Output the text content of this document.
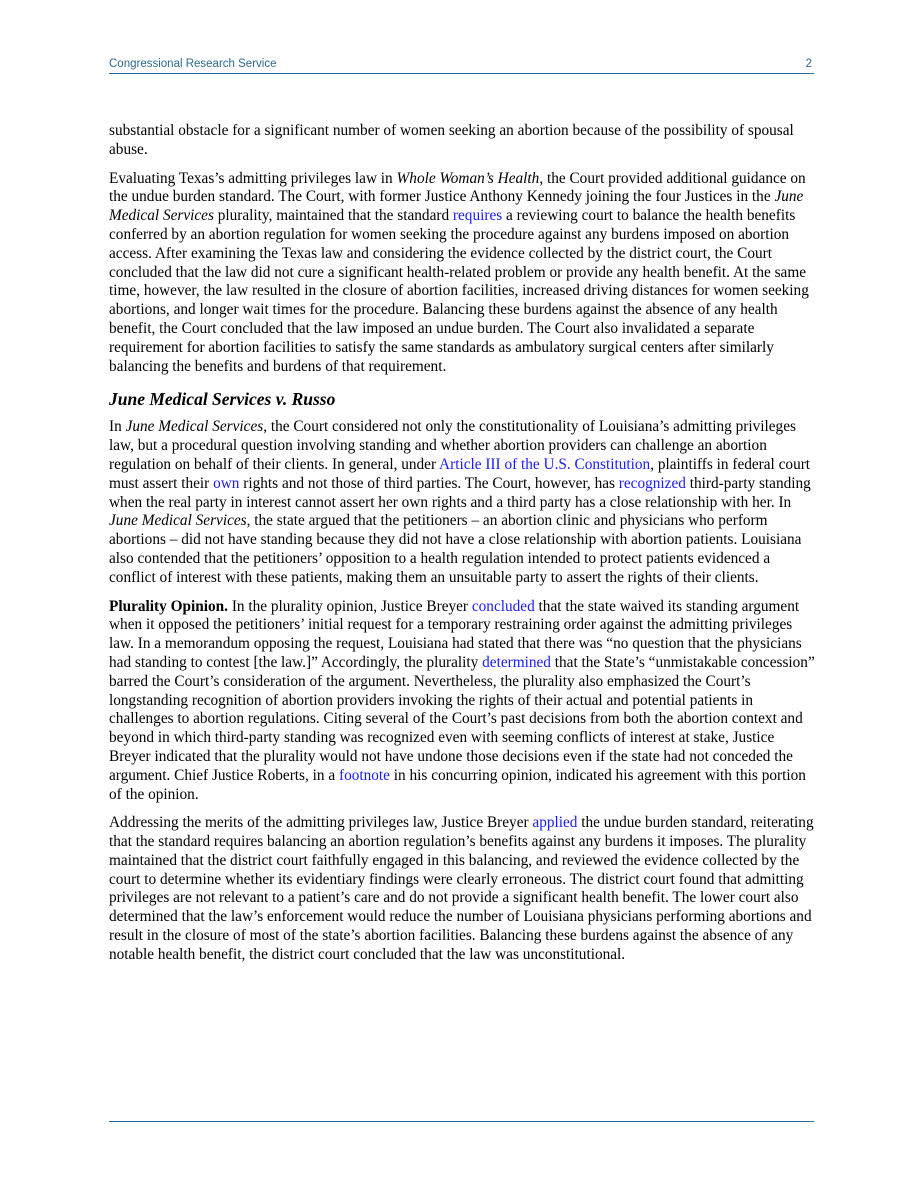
Congressional Research Service	2

substantial obstacle for a significant number of women seeking an abortion because of the possibility of spousal abuse.

Evaluating Texas’s admitting privileges law in Whole Woman’s Health, the Court provided additional guidance on the undue burden standard. The Court, with former Justice Anthony Kennedy joining the four Justices in the June Medical Services plurality, maintained that the standard requires a reviewing court to balance the health benefits conferred by an abortion regulation for women seeking the procedure against any burdens imposed on abortion access. After examining the Texas law and considering the evidence collected by the district court, the Court concluded that the law did not cure a significant health-related problem or provide any health benefit. At the same time, however, the law resulted in the closure of abortion facilities, increased driving distances for women seeking abortions, and longer wait times for the procedure. Balancing these burdens against the absence of any health benefit, the Court concluded that the law imposed an undue burden. The Court also invalidated a separate requirement for abortion facilities to satisfy the same standards as ambulatory surgical centers after similarly balancing the benefits and burdens of that requirement.

June Medical Services v. Russo

In June Medical Services, the Court considered not only the constitutionality of Louisiana’s admitting privileges law, but a procedural question involving standing and whether abortion providers can challenge an abortion regulation on behalf of their clients. In general, under Article III of the U.S. Constitution, plaintiffs in federal court must assert their own rights and not those of third parties. The Court, however, has recognized third-party standing when the real party in interest cannot assert her own rights and a third party has a close relationship with her. In June Medical Services, the state argued that the petitioners – an abortion clinic and physicians who perform abortions – did not have standing because they did not have a close relationship with abortion patients. Louisiana also contended that the petitioners’ opposition to a health regulation intended to protect patients evidenced a conflict of interest with these patients, making them an unsuitable party to assert the rights of their clients.

Plurality Opinion. In the plurality opinion, Justice Breyer concluded that the state waived its standing argument when it opposed the petitioners’ initial request for a temporary restraining order against the admitting privileges law. In a memorandum opposing the request, Louisiana had stated that there was “no question that the physicians had standing to contest [the law.]” Accordingly, the plurality determined that the State’s “unmistakable concession” barred the Court’s consideration of the argument. Nevertheless, the plurality also emphasized the Court’s longstanding recognition of abortion providers invoking the rights of their actual and potential patients in challenges to abortion regulations. Citing several of the Court’s past decisions from both the abortion context and beyond in which third-party standing was recognized even with seeming conflicts of interest at stake, Justice Breyer indicated that the plurality would not have undone those decisions even if the state had not conceded the argument. Chief Justice Roberts, in a footnote in his concurring opinion, indicated his agreement with this portion of the opinion.

Addressing the merits of the admitting privileges law, Justice Breyer applied the undue burden standard, reiterating that the standard requires balancing an abortion regulation’s benefits against any burdens it imposes. The plurality maintained that the district court faithfully engaged in this balancing, and reviewed the evidence collected by the court to determine whether its evidentiary findings were clearly erroneous. The district court found that admitting privileges are not relevant to a patient’s care and do not provide a significant health benefit. The lower court also determined that the law’s enforcement would reduce the number of Louisiana physicians performing abortions and result in the closure of most of the state’s abortion facilities. Balancing these burdens against the absence of any notable health benefit, the district court concluded that the law was unconstitutional.
